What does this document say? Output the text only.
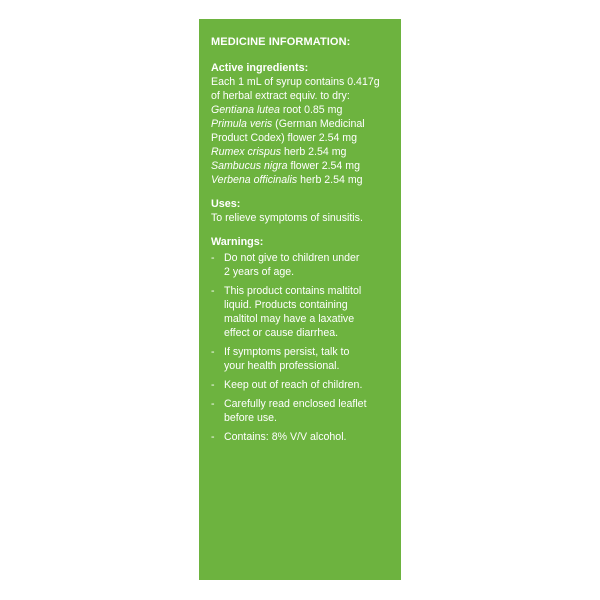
MEDICINE INFORMATION:
Active ingredients:
Each 1 mL of syrup contains 0.417g
of herbal extract equiv. to dry:
Gentiana lutea root 0.85 mg
Primula veris (German Medicinal
Product Codex) flower 2.54 mg
Rumex crispus herb 2.54 mg
Sambucus nigra flower 2.54 mg
Verbena officinalis herb 2.54 mg
Uses:
To relieve symptoms of sinusitis.
Warnings:
- Do not give to children under
2 years of age.
- This product contains maltitol
liquid. Products containing
maltitol may have a laxative
effect or cause diarrhea.
- If symptoms persist, talk to
your health professional.
- Keep out of reach of children.
- Carefully read enclosed leaflet
before use.
- Contains: 8% V/V alcohol.
